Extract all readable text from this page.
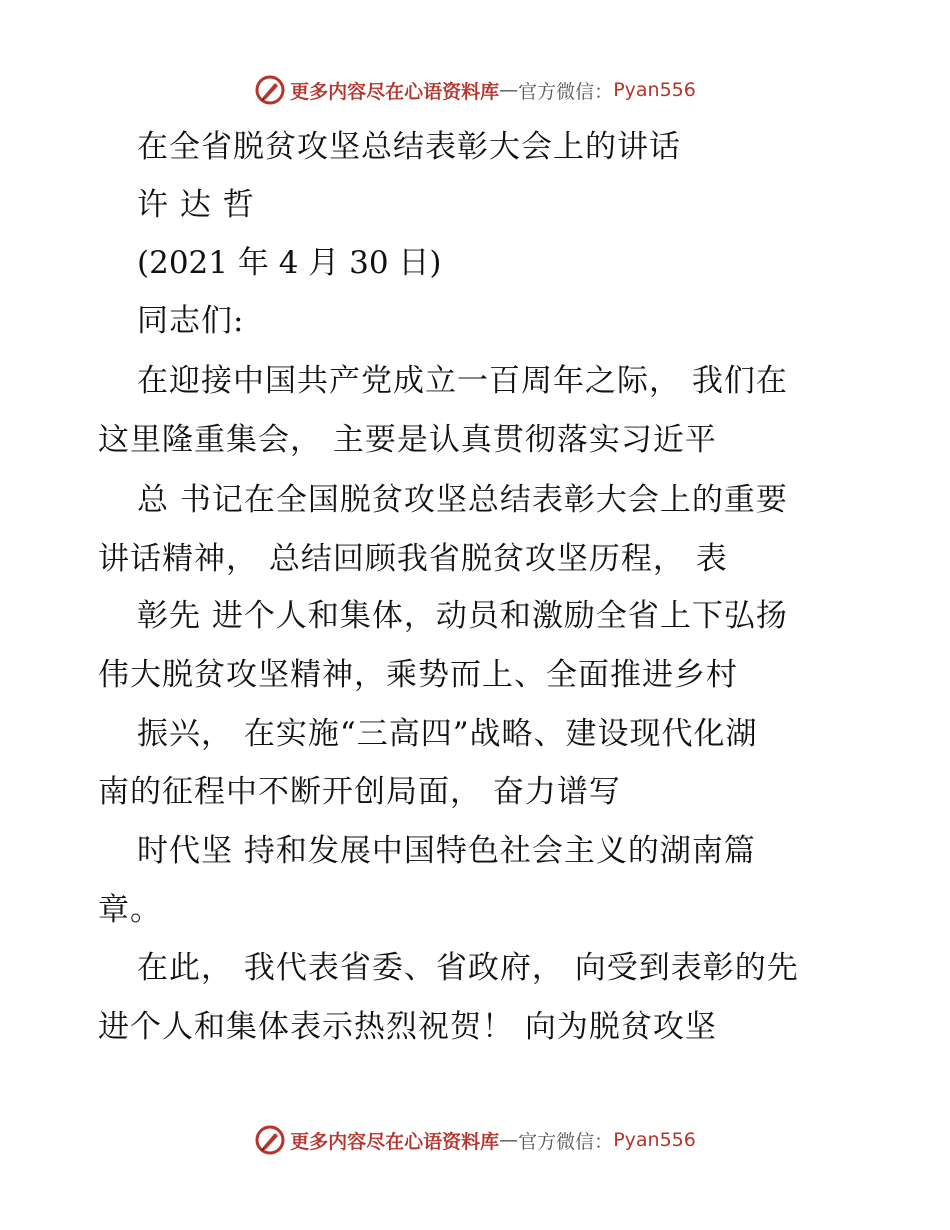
更多内容尽在心语资料库 — 官方微信： Pyan556
在全省脱贫攻坚总结表彰大会上的讲话
许 达 哲
(2021 年 4 月 30 日)
同志们:
在迎接中国共产党成立一百周年之际， 我们在
这里隆重集会， 主要是认真贯彻落实习近平
总 书记在全国脱贫攻坚总结表彰大会上的重要
讲话精神， 总结回顾我省脱贫攻坚历程， 表
彰先 进个人和集体，动员和激励全省上下弘扬
伟大脱贫攻坚精神，乘势而上、全面推进乡村
振兴， 在实施“三高四”战略、建设现代化湖
南的征程中不断开创局面， 奋力谱写
时代坚 持和发展中国特色社会主义的湖南篇
章。
在此， 我代表省委、省政府， 向受到表彰的先
进个人和集体表示热烈祝贺！ 向为脱贫攻坚
更多内容尽在心语资料库 — 官方微信： Pyan556
